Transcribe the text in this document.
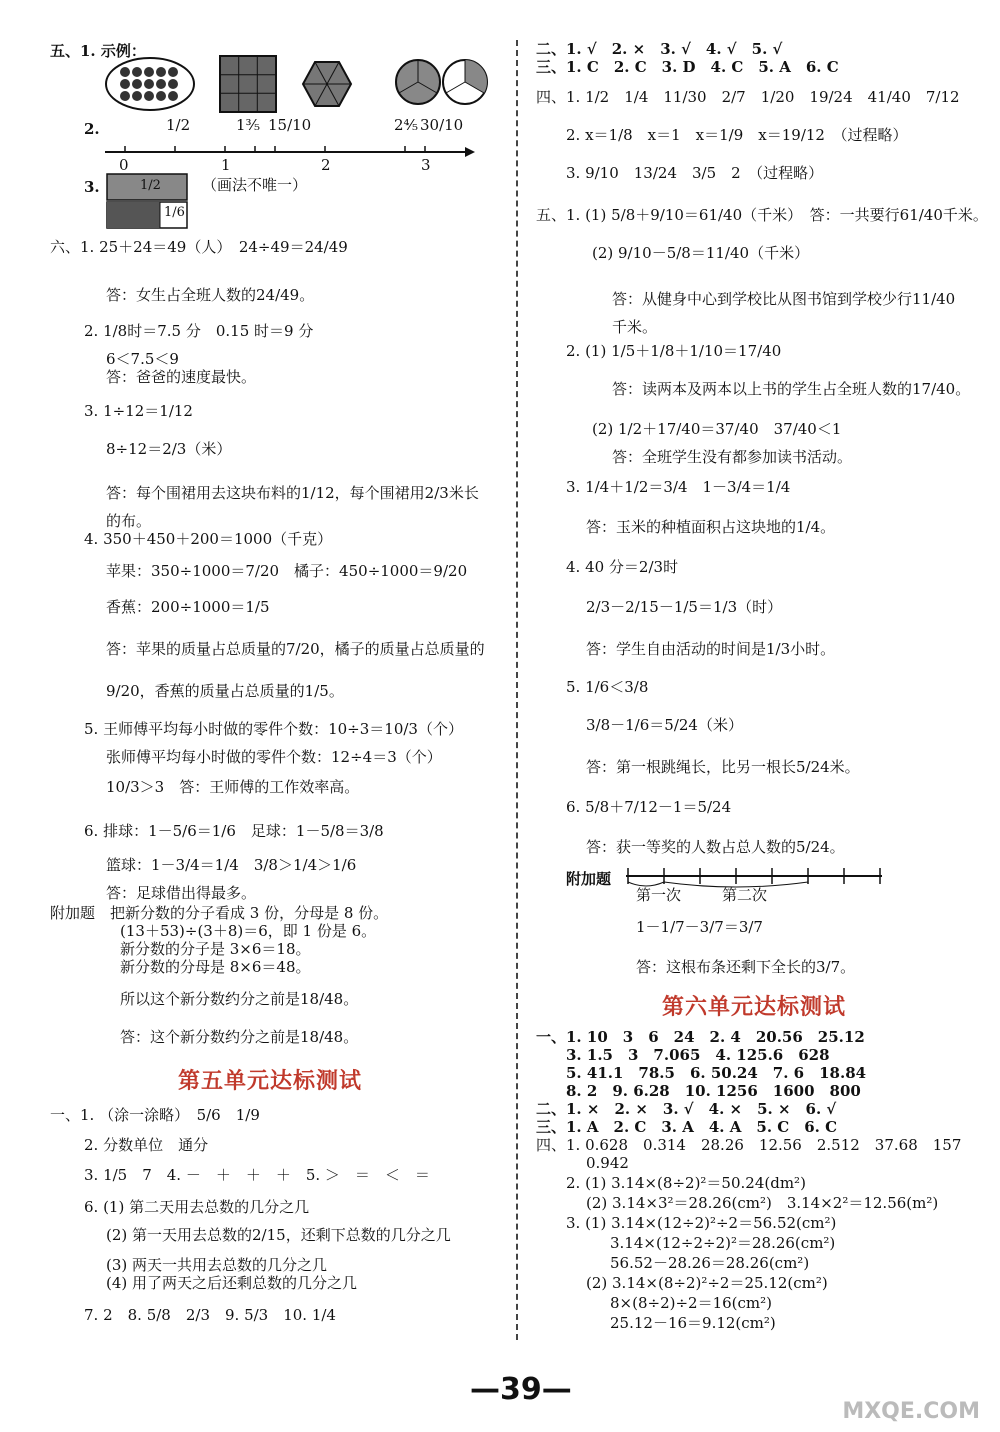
五、1. 示例：
2.	1/2	1⅗ 15/10	2⅘ 30/10
0	1	2	3
3.	1/2
1/6
（画法不唯一）
六、1. 25＋24＝49（人）　24÷49＝24/49
答：女生占全班人数的24/49。
2. 1/8时＝7.5 分　0.15 时＝9 分
6＜7.5＜9
答：爸爸的速度最快。
3. 1÷12＝1/12
8÷12＝2/3（米）
答：每个围裙用去这块布料的1/12，每个围裙用2/3米长
的布。
4. 350＋450＋200＝1000（千克）
苹果：350÷1000＝7/20　橘子：450÷1000＝9/20
香蕉：200÷1000＝1/5
答：苹果的质量占总质量的7/20，橘子的质量占总质量的
9/20，香蕉的质量占总质量的1/5。
5. 王师傅平均每小时做的零件个数：10÷3＝10/3（个）
张师傅平均每小时做的零件个数：12÷4＝3（个）
10/3＞3　答：王师傅的工作效率高。
6. 排球：1－5/6＝1/6　足球：1－5/8＝3/8
篮球：1－3/4＝1/4　3/8＞1/4＞1/6
答：足球借出得最多。
附加题　把新分数的分子看成 3 份，分母是 8 份。
(13＋53)÷(3＋8)＝6，即 1 份是 6。
新分数的分子是 3×6＝18。
新分数的分母是 8×6＝48。
所以这个新分数约分之前是18/48。
答：这个新分数约分之前是18/48。
第五单元达标测试
一、1. （涂一涂略）　5/6　1/9
2. 分数单位　通分
3. 1/5　7　4. －　＋　＋　＋　5. ＞　＝　＜　＝
6. (1) 第二天用去总数的几分之几
(2) 第一天用去总数的2/15，还剩下总数的几分之几
(3) 两天一共用去总数的几分之几
(4) 用了两天之后还剩总数的几分之几
7. 2　8. 5/8　2/3　9. 5/3　10. 1/4
二、1. √　2. ×　3. √　4. √　5. √
三、1. C　2. C　3. D　4. C　5. A　6. C
四、1. 1/2　1/4　11/30　2/7　1/20　19/24　41/40　7/12
2. x＝1/8　x＝1　x＝1/9　x＝19/12　（过程略）
3. 9/10　13/24　3/5　2　（过程略）
五、1. (1) 5/8＋9/10＝61/40（千米）　答：一共要行61/40千米。
(2) 9/10－5/8＝11/40（千米）
答：从健身中心到学校比从图书馆到学校少行11/40
千米。
2. (1) 1/5＋1/8＋1/10＝17/40
答：读两本及两本以上书的学生占全班人数的17/40。
(2) 1/2＋17/40＝37/40　37/40＜1
答：全班学生没有都参加读书活动。
3. 1/4＋1/2＝3/4　1－3/4＝1/4
答：玉米的种植面积占这块地的1/4。
4. 40 分＝2/3时
2/3－2/15－1/5＝1/3（时）
答：学生自由活动的时间是1/3小时。
5. 1/6＜3/8
3/8－1/6＝5/24（米）
答：第一根跳绳长，比另一根长5/24米。
6. 5/8＋7/12－1＝5/24
答：获一等奖的人数占总人数的5/24。
附加题
第一次	第二次
1－1/7－3/7＝3/7
答：这根布条还剩下全长的3/7。
第六单元达标测试
一、1. 10　3　6　24　2. 4　20.56　25.12
3. 1.5　3　7.065　4. 125.6　628
5. 41.1　78.5　6. 50.24　7. 6　18.84
8. 2　9. 6.28　10. 1256　1600　800
二、1. ×　2. ×　3. √　4. ×　5. ×　6. √
三、1. A　2. C　3. A　4. A　5. C　6. C
四、1. 0.628　0.314　28.26　12.56　2.512　37.68　157
0.942
2. (1) 3.14×(8÷2)²＝50.24(dm²)
(2) 3.14×3²＝28.26(cm²)　3.14×2²＝12.56(m²)
3. (1) 3.14×(12÷2)²÷2＝56.52(cm²)
3.14×(12÷2÷2)²＝28.26(cm²)
56.52－28.26＝28.26(cm²)
(2) 3.14×(8÷2)²÷2＝25.12(cm²)
8×(8÷2)÷2＝16(cm²)
25.12－16＝9.12(cm²)
—39—
MXQE.COM
